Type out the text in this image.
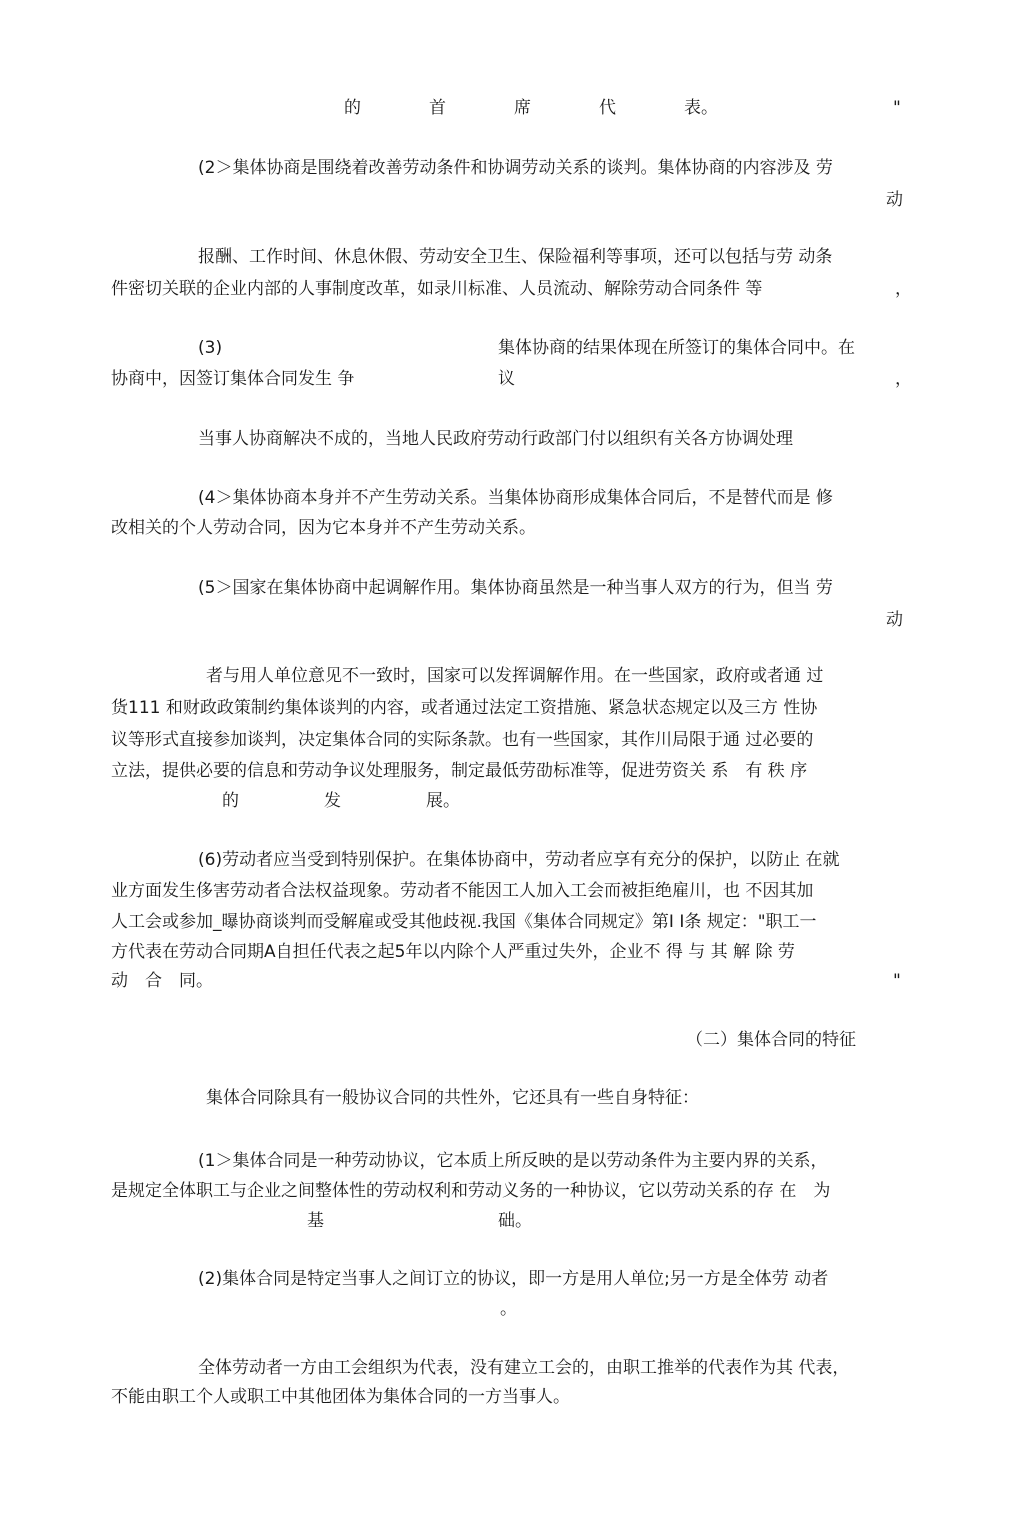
的　　　　首　　　　席　　　　代　　　　表。	"
(2＞集体协商是围绕着改善劳动条件和协调劳动关系的谈判。集体协商的内容涉及 劳
动
报酬、工作时间、休息休假、劳动安全卫生、保险福利等事项，还可以包括与劳 动条
件密切关联的企业内部的人事制度改革，如录川标准、人员流动、解除劳动合同条件 等	，
(3)	集体协商的结果体现在所签订的集体合同中。在
协商中，因签订集体合同发生 争	议	，
当事人协商解决不成的，当地人民政府劳动行政部门付以组织有关各方协调处理
(4＞集体协商本身并不产生劳动关系。当集体协商形成集体合同后，不是替代而是 修
改相关的个人劳动合同，因为它本身并不产生劳动关系。
(5＞国家在集体协商中起调解作用。集体协商虽然是一种当事人双方的行为，但当 劳
动
者与用人单位意见不一致时，国家可以发挥调解作用。在一些国家，政府或者通 过
货111 和财政政策制约集体谈判的内容，或者通过法定工资措施、紧急状态规定以及三方 性协
议等形式直接参加谈判，决定集体合同的实际条款。也有一些国家，其作川局限于通 过必要的
立法，提供必要的信息和劳动争议处理服务，制定最低劳劭标准等，促进劳资关 系　有 秩 序
的　　　　　发　　　　　展。
(6)劳动者应当受到特别保护。在集体协商中，劳动者应享有充分的保护，以防止 在就
业方面发生侈害劳动者合法权益现象。劳动者不能因工人加入工会而被拒绝雇川，也 不因其加
人工会或参加_曝协商谈判而受解雇或受其他歧视.我国《集体合同规定》第I I条 规定："职工一
方代表在劳动合同期A自担任代表之起5年以内除个人严重过失外，企业不 得 与 其 解 除 劳
动　合　同。	"
（二）集体合同的特征
集体合同除具有一般协议合同的共性外，它还具有一些自身特征：
(1＞集体合同是一种劳动协议，它本质上所反映的是以劳动条件为主要内界的关系，
是规定全体职工与企业之间整体性的劳动权利和劳动义务的一种协议，它以劳动关系的存 在　为
基	础。
(2)集体合同是特定当事人之间订立的协议，即一方是用人单位;另一方是全体劳 动者
。
全体劳动者一方由工会组织为代表，没有建立工会的，由职工推举的代表作为其 代表，
不能由职工个人或职工中其他团体为集体合同的一方当事人。
